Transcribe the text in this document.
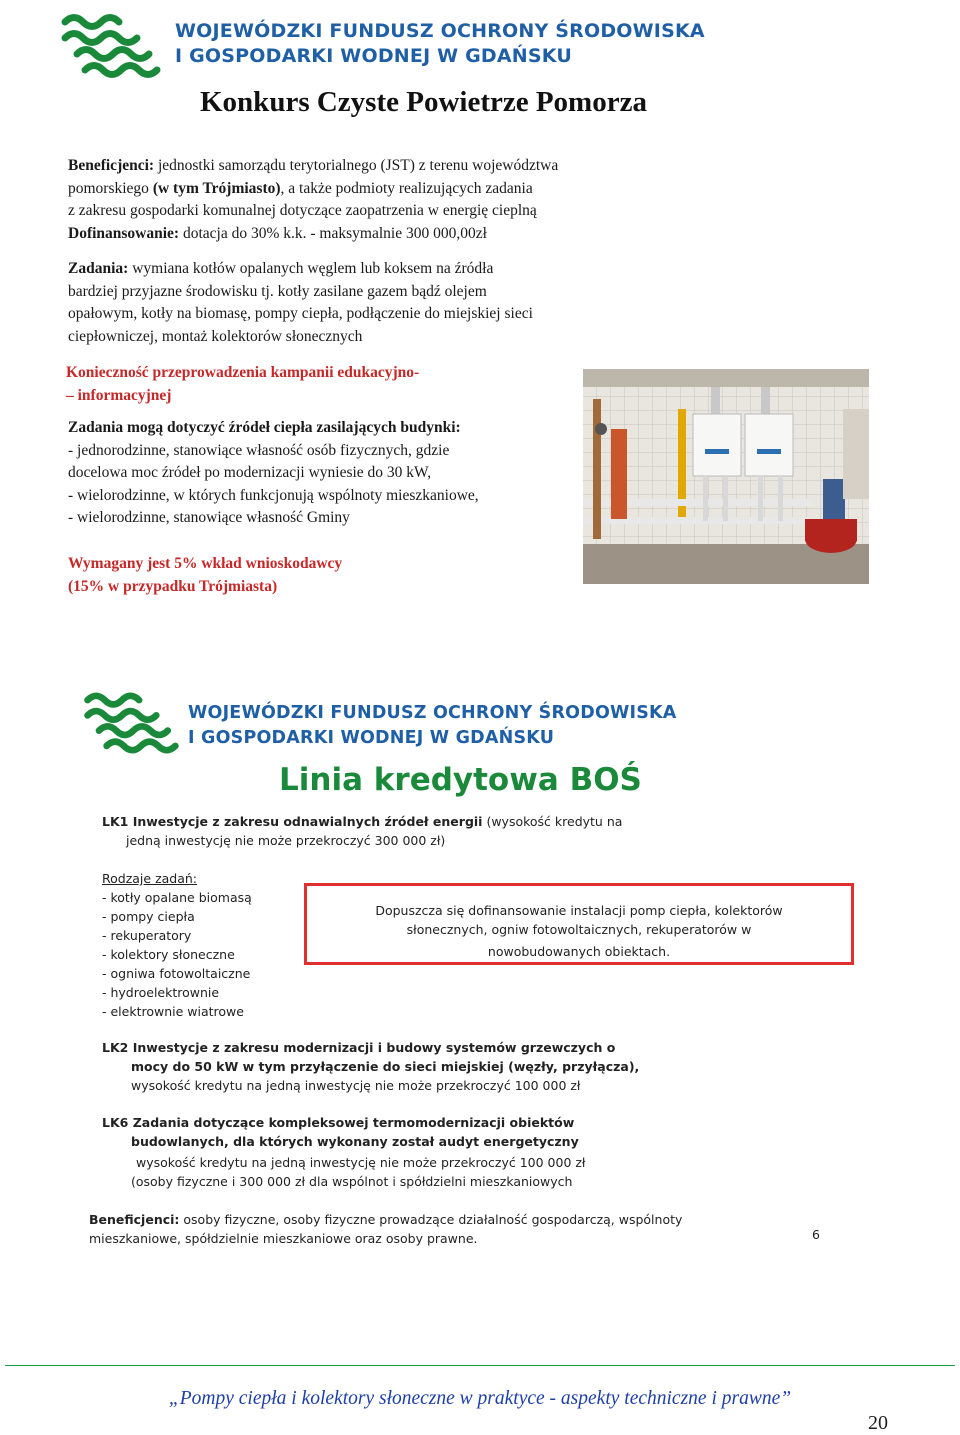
WOJEWÓDZKI FUNDUSZ OCHRONY ŚRODOWISKA
I GOSPODARKI WODNEJ W GDAŃSKU
Konkurs Czyste Powietrze Pomorza
Beneficjenci: jednostki samorządu terytorialnego (JST) z terenu województwa
pomorskiego (w tym Trójmiasto), a także podmioty realizujących zadania
z zakresu gospodarki komunalnej dotyczące zaopatrzenia w energię cieplną
Dofinansowanie: dotacja do 30% k.k. - maksymalnie 300 000,00zł
Zadania: wymiana kotłów opalanych węglem lub koksem na źródła
bardziej przyjazne środowisku tj. kotły zasilane gazem bądź olejem
opałowym, kotły na biomasę, pompy ciepła, podłączenie do miejskiej sieci
ciepłowniczej, montaż kolektorów słonecznych
Konieczność przeprowadzenia kampanii edukacyjno-
– informacyjnej
Zadania mogą dotyczyć źródeł ciepła zasilających budynki:
- jednorodzinne, stanowiące własność osób fizycznych, gdzie
docelowa moc źródeł po modernizacji wyniesie do 30 kW,
- wielorodzinne, w których funkcjonują wspólnoty mieszkaniowe,
- wielorodzinne, stanowiące własność Gminy
Wymagany jest 5% wkład wnioskodawcy
(15% w przypadku Trójmiasta)
WOJEWÓDZKI FUNDUSZ OCHRONY ŚRODOWISKA
I GOSPODARKI WODNEJ W GDAŃSKU
Linia kredytowa BOŚ
LK1 Inwestycje z zakresu odnawialnych źródeł energii (wysokość kredytu na
jedną inwestycję nie może przekroczyć 300 000 zł)
Rodzaje zadań:
- kotły opalane biomasą
- pompy ciepła
- rekuperatory
- kolektory słoneczne
- ogniwa fotowoltaiczne
- hydroelektrownie
- elektrownie wiatrowe
Dopuszcza się dofinansowanie instalacji pomp ciepła, kolektorów
słonecznych, ogniw fotowoltaicznych, rekuperatorów w
nowobudowanych obiektach.
LK2 Inwestycje z zakresu modernizacji i budowy systemów grzewczych o
mocy do 50 kW w tym przyłączenie do sieci miejskiej (węzły, przyłącza),
wysokość kredytu na jedną inwestycję nie może przekroczyć 100 000 zł
LK6 Zadania dotyczące kompleksowej termomodernizacji obiektów
budowlanych, dla których wykonany został audyt energetyczny
wysokość kredytu na jedną inwestycję nie może przekroczyć 100 000 zł
(osoby fizyczne i 300 000 zł dla wspólnot i spółdzielni mieszkaniowych
Beneficjenci: osoby fizyczne, osoby fizyczne prowadzące działalność gospodarczą, wspólnoty
mieszkaniowe, spółdzielnie mieszkaniowe oraz osoby prawne.	6
„Pompy ciepła i kolektory słoneczne w praktyce - aspekty techniczne i prawne”
20
